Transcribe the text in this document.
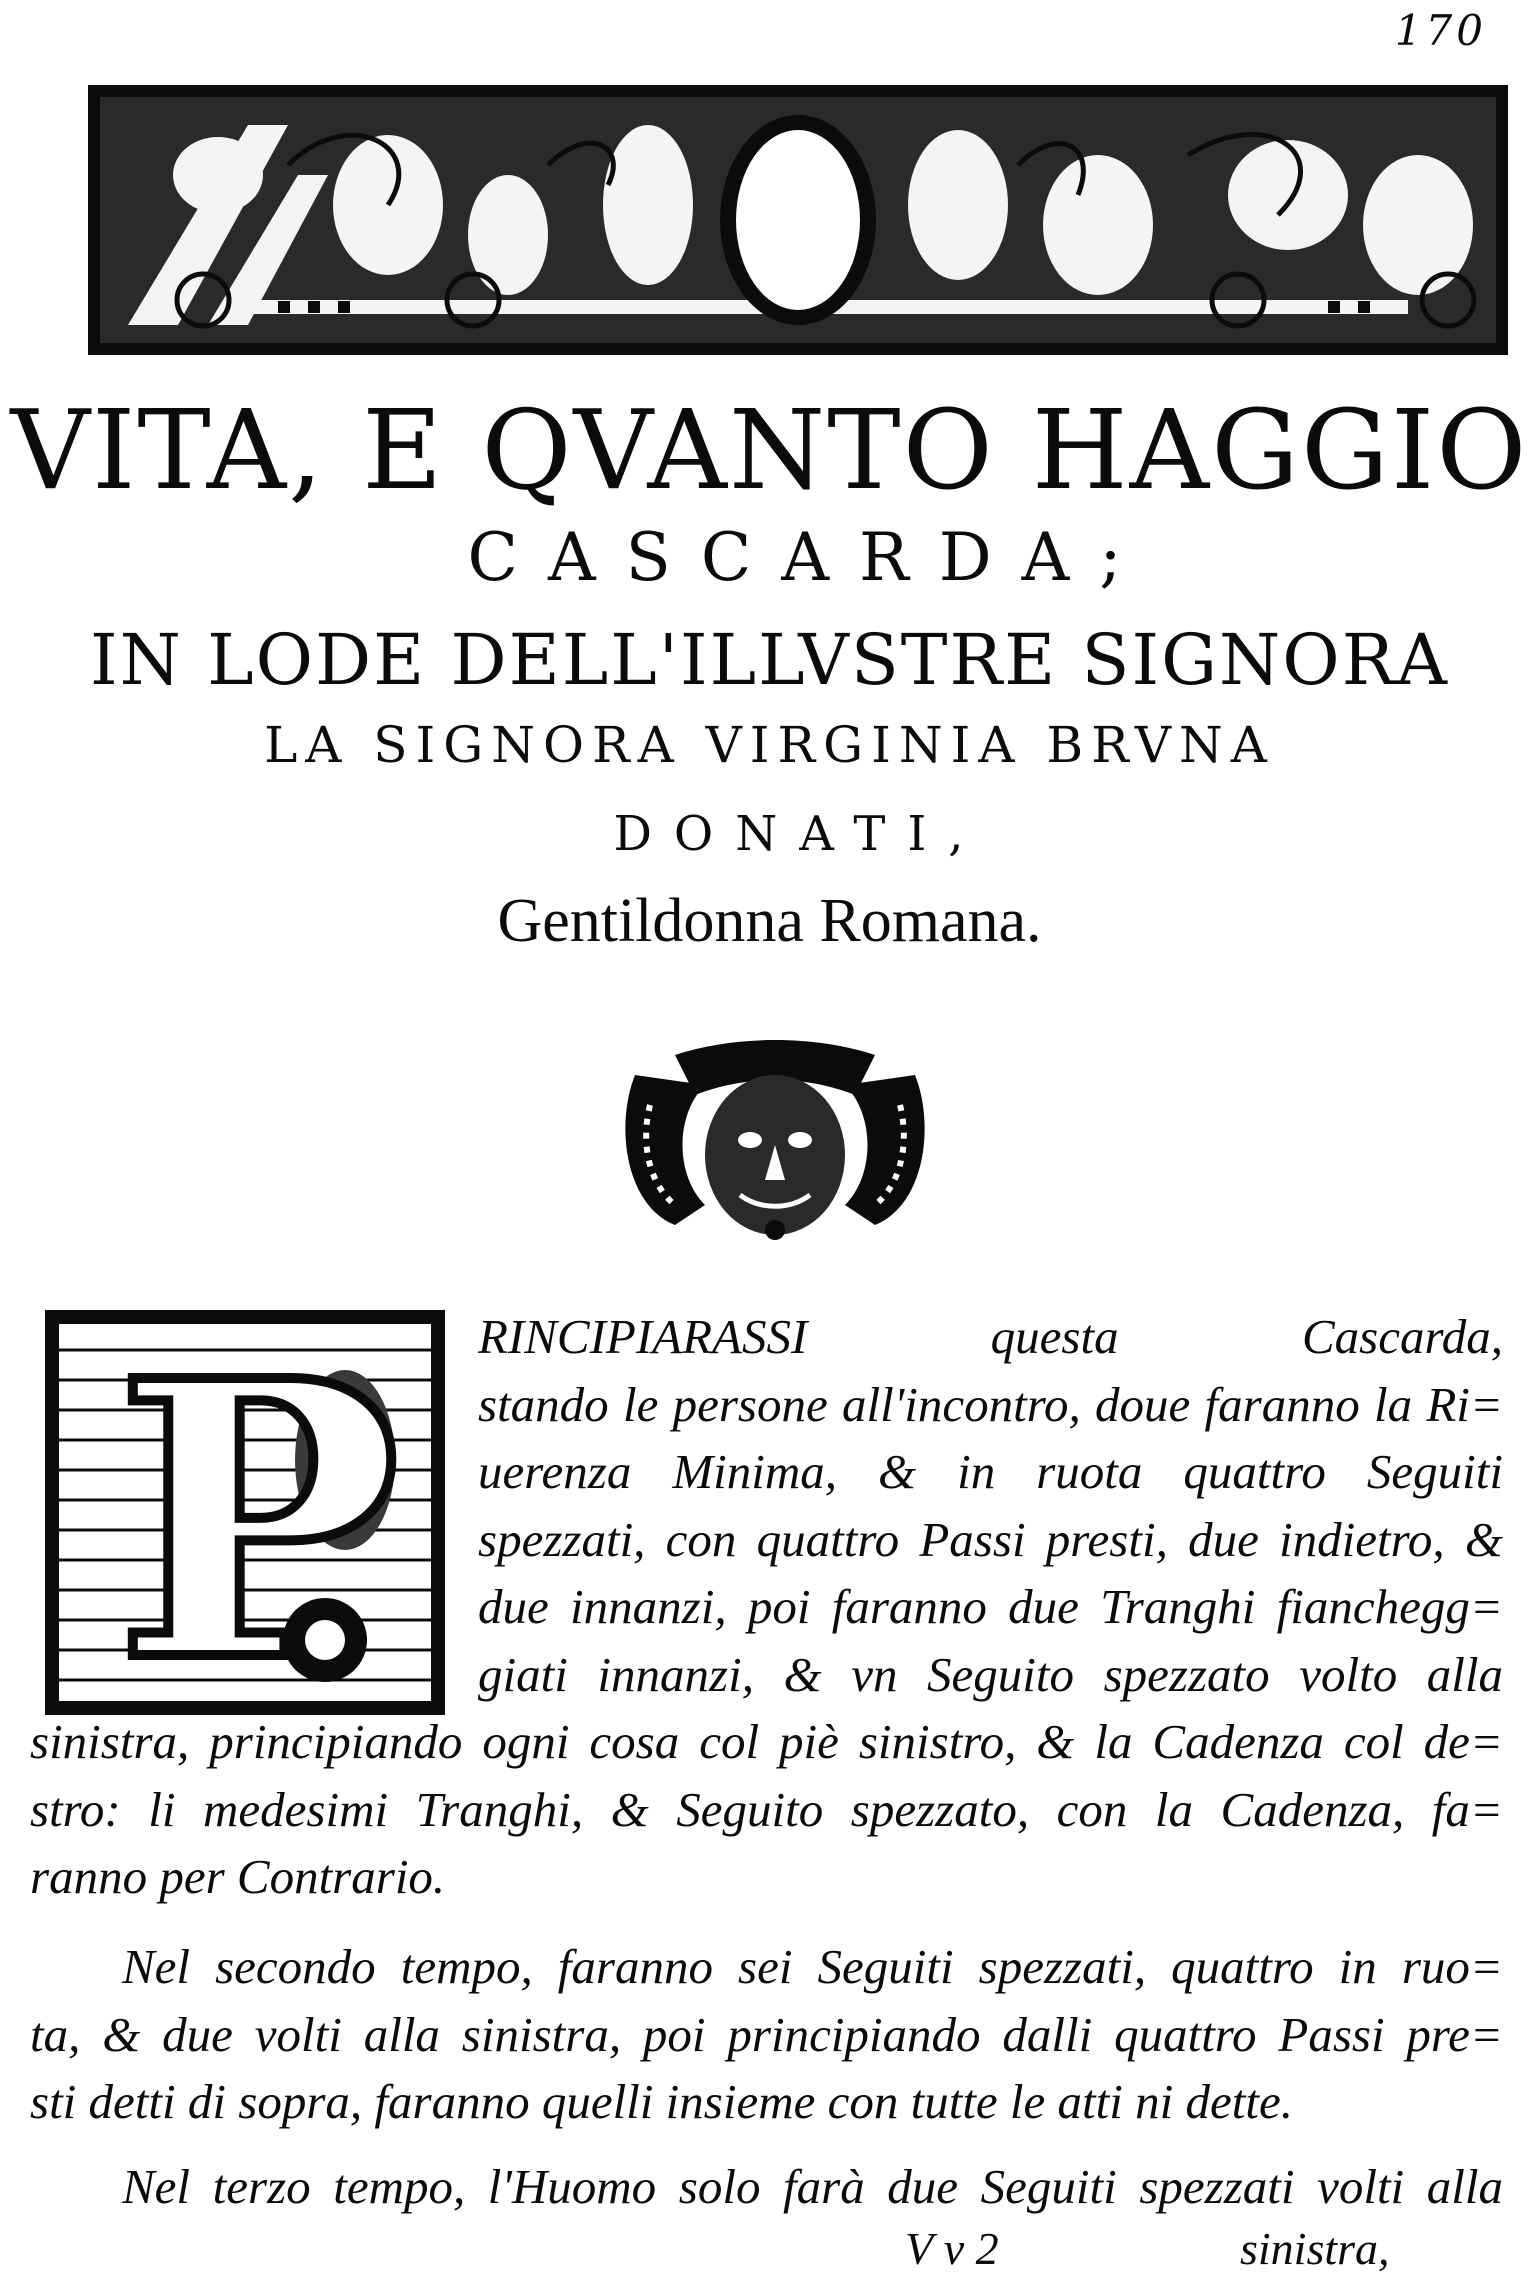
170
VITA, E QVANTO HAGGIO
CASCARDA;
IN LODE DELL'ILLVSTRE SIGNORA
LA SIGNORA VIRGINIA BRVNA
DONATI,
Gentildonna Romana.
P RINCIPIARASSI questa Cascarda,
stando le persone all'incontro, doue faranno la Ri=
uerenza Minima, & in ruota quattro Seguiti
spezzati, con quattro Passi presti, due indietro, &
due innanzi, poi faranno due Tranghi fianchegg=
giati innanzi, & vn Seguito spezzato volto alla
sinistra, principiando ogni cosa col piè sinistro, & la Cadenza col de=
stro: li medesimi Tranghi, & Seguito spezzato, con la Cadenza, fa=
ranno per Contrario.
Nel secondo tempo, faranno sei Seguiti spezzati, quattro in ruo=
ta, & due volti alla sinistra, poi principiando dalli quattro Passi pre=
sti detti di sopra, faranno quelli insieme con tutte le atti ni dette.
Nel terzo tempo, l'Huomo solo farà due Seguiti spezzati volti alla
V v 2	sinistra,
